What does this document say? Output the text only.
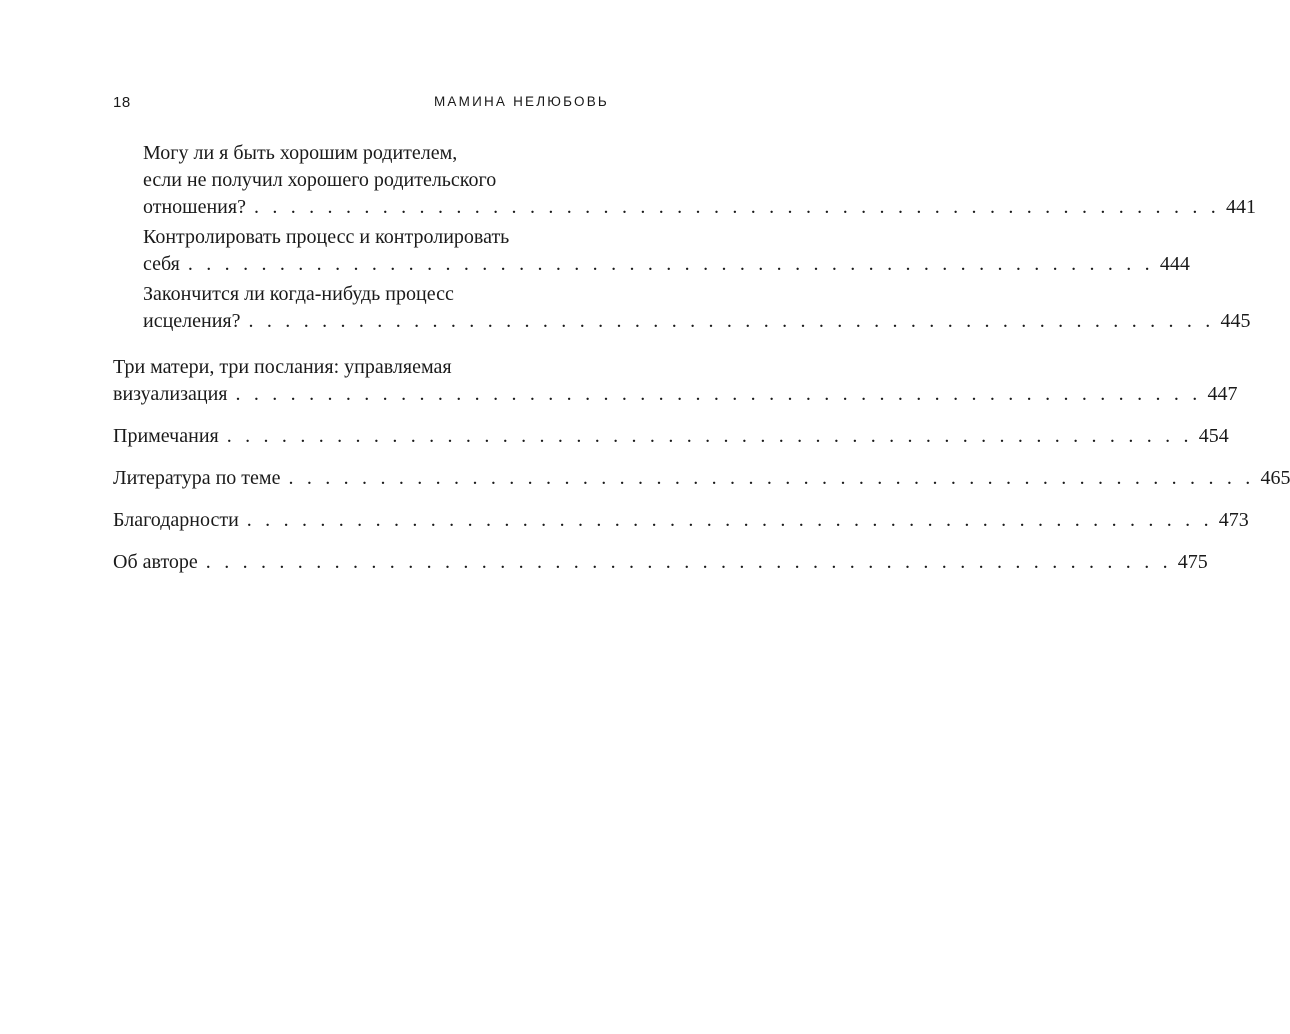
18	МАМИНА НЕЛЮБОВЬ
Могу ли я быть хорошим родителем,
если не получил хорошего родительского
отношения? . . . . . . . . . . . . . . . . . . . . . . . . . . . . . . . . . . . . . . . . . . . . . . . . . . . . . 441
Контролировать процесс и контролировать
себя . . . . . . . . . . . . . . . . . . . . . . . . . . . . . . . . . . . . . . . . . . . . . . . . . . . . . 444
Закончится ли когда-нибудь процесс
исцеления? . . . . . . . . . . . . . . . . . . . . . . . . . . . . . . . . . . . . . . . . . . . . . . . . . . . . . 445
Три матери, три послания: управляемая
визуализация . . . . . . . . . . . . . . . . . . . . . . . . . . . . . . . . . . . . . . . . . . . . . . . . . . . . . 447
Примечания . . . . . . . . . . . . . . . . . . . . . . . . . . . . . . . . . . . . . . . . . . . . . . . . . . . . . 454
Литература по теме . . . . . . . . . . . . . . . . . . . . . . . . . . . . . . . . . . . . . . . . . . . . . . . . . . . . . 465
Благодарности . . . . . . . . . . . . . . . . . . . . . . . . . . . . . . . . . . . . . . . . . . . . . . . . . . . . . 473
Об авторе . . . . . . . . . . . . . . . . . . . . . . . . . . . . . . . . . . . . . . . . . . . . . . . . . . . . . 475
